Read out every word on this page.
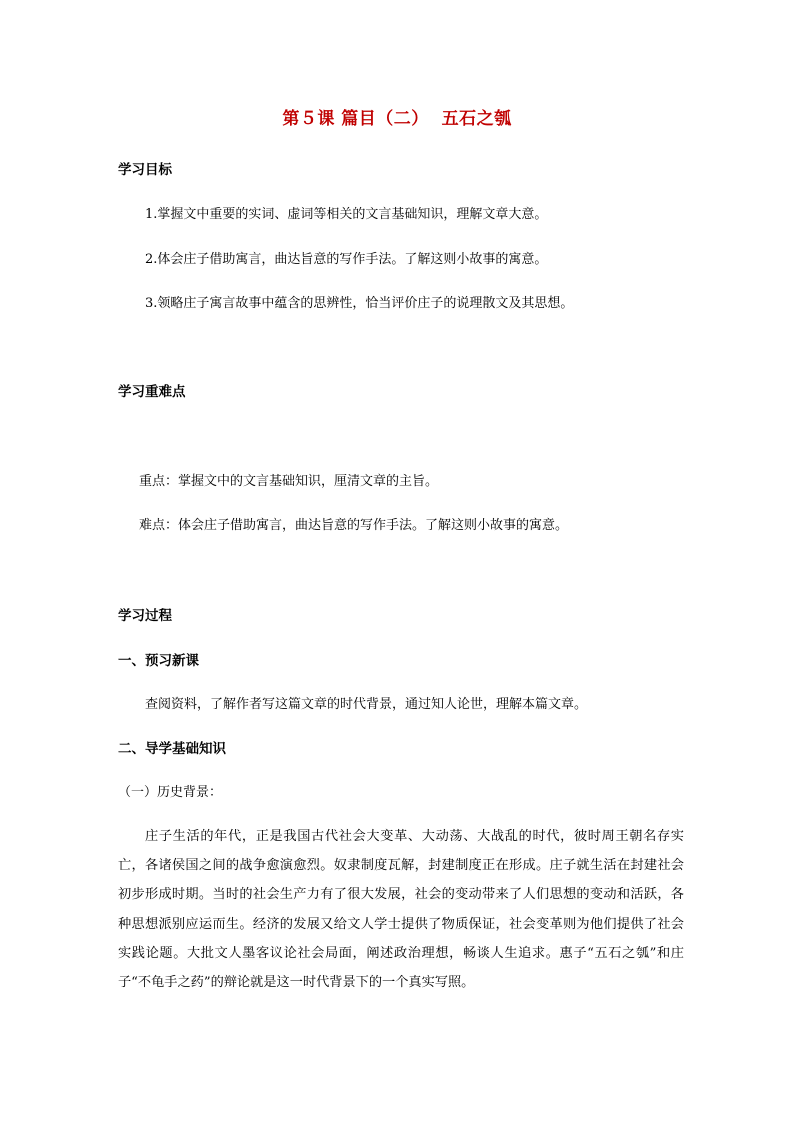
第５课 篇目（二）  五石之瓠
学习目标
1.掌握文中重要的实词、虚词等相关的文言基础知识，理解文章大意。
2.体会庄子借助寓言，曲达旨意的写作手法。了解这则小故事的寓意。
3.领略庄子寓言故事中蕴含的思辨性，恰当评价庄子的说理散文及其思想。
学习重难点
重点：掌握文中的文言基础知识，厘清文章的主旨。
难点：体会庄子借助寓言，曲达旨意的写作手法。了解这则小故事的寓意。
学习过程
一、预习新课
查阅资料，了解作者写这篇文章的时代背景，通过知人论世，理解本篇文章。
二、导学基础知识
（一）历史背景：
庄子生活的年代，正是我国古代社会大变革、大动荡、大战乱的时代，彼时周王朝名存实亡，各诸侯国之间的战争愈演愈烈。奴隶制度瓦解，封建制度正在形成。庄子就生活在封建社会初步形成时期。当时的社会生产力有了很大发展，社会的变动带来了人们思想的变动和活跃，各种思想派别应运而生。经济的发展又给文人学士提供了物质保证，社会变革则为他们提供了社会实践论题。大批文人墨客议论社会局面，阐述政治理想，畅谈人生追求。惠子“五石之瓠”和庄子“不龟手之药”的辩论就是这一时代背景下的一个真实写照。
